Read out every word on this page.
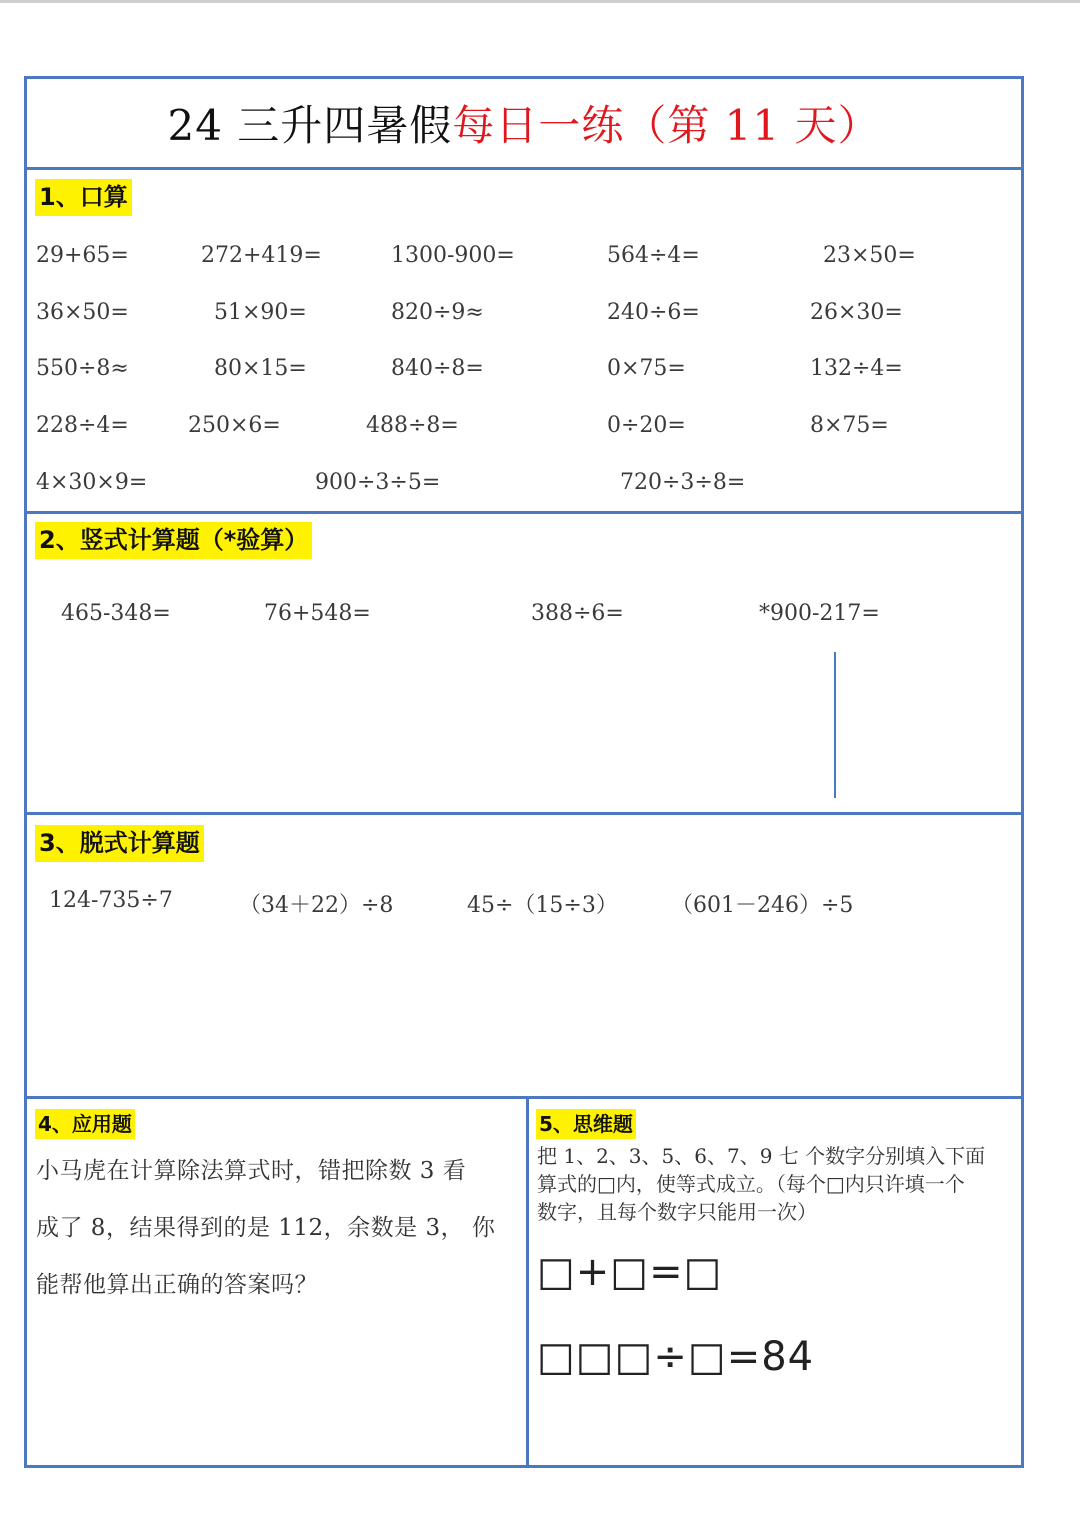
24 三升四暑假 每日一练（第 11 天）
1、口算
29+65=	272+419=	1300-900=	564÷4=	23×50=
36×50=	51×90=	820÷9≈	240÷6=	26×30=
550÷8≈	80×15=	840÷8=	0×75=	132÷4=
228÷4=	250×6=	488÷8=	0÷20=	8×75=
4×30×9=	900÷3÷5=	720÷3÷8=
2、竖式计算题（*验算）
465-348=	76+548=	388÷6=	*900-217=
3、脱式计算题
124-735÷7	（34＋22）÷8	45÷（15÷3） （601－246）÷5
4、应用题
小马虎在计算除法算式时，错把除数 3 看
成了 8，结果得到的是 112，余数是 3， 你
能帮他算出正确的答案吗？
5、思维题
把 1、2、3、5、6、7、9 七 个数字分别填入下面
算式的□内，使等式成立。（每个□内只许填一个
数字，且每个数字只能用一次）
□+□=□
□□□÷□=84
